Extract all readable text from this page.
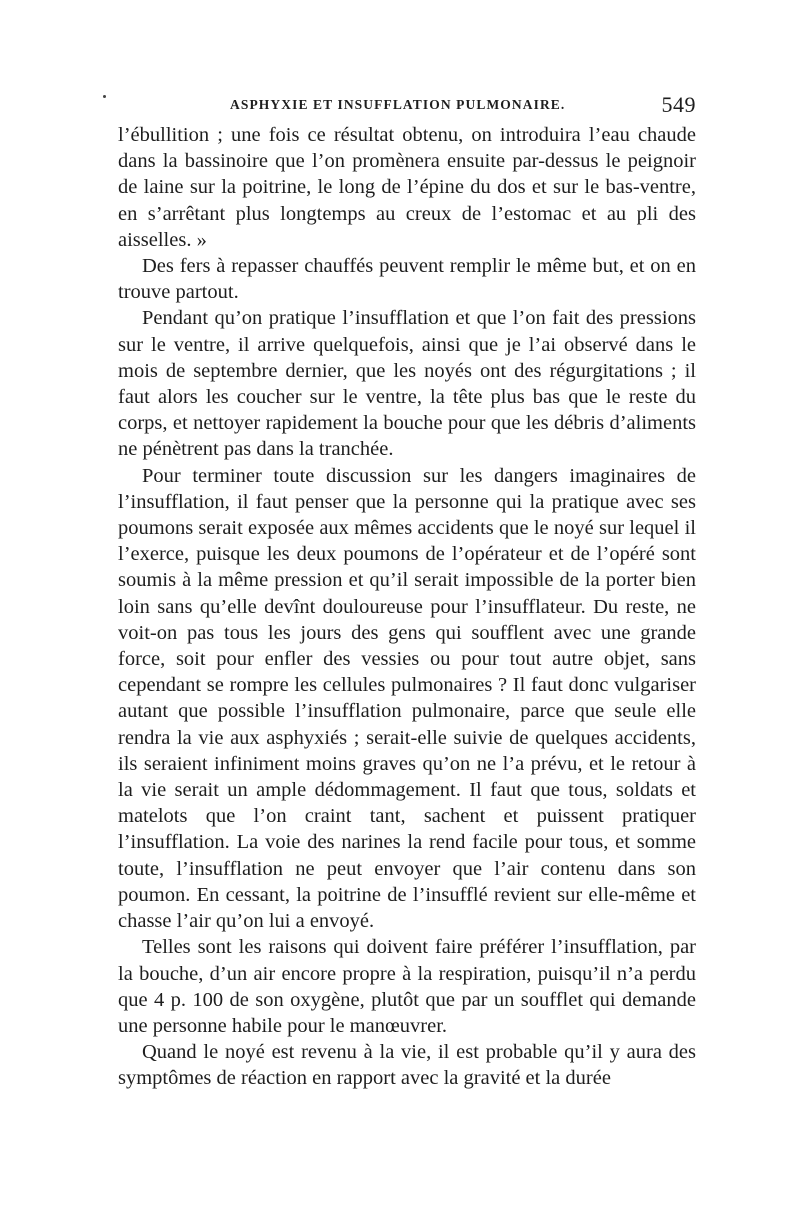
ASPHYXIE ET INSUFFLATION PULMONAIRE.	549

l’ébullition ; une fois ce résultat obtenu, on introduira l’eau chaude dans la bassinoire que l’on promènera ensuite par-dessus le peignoir de laine sur la poitrine, le long de l’épine du dos et sur le bas-ventre, en s’arrêtant plus longtemps au creux de l’estomac et au pli des aisselles. »

Des fers à repasser chauffés peuvent remplir le même but, et on en trouve partout.

Pendant qu’on pratique l’insufflation et que l’on fait des pressions sur le ventre, il arrive quelquefois, ainsi que je l’ai observé dans le mois de septembre dernier, que les noyés ont des régurgitations ; il faut alors les coucher sur le ventre, la tête plus bas que le reste du corps, et nettoyer rapidement la bouche pour que les débris d’aliments ne pénètrent pas dans la tranchée.

Pour terminer toute discussion sur les dangers imaginaires de l’insufflation, il faut penser que la personne qui la pratique avec ses poumons serait exposée aux mêmes accidents que le noyé sur lequel il l’exerce, puisque les deux poumons de l’opérateur et de l’opéré sont soumis à la même pression et qu’il serait impossible de la porter bien loin sans qu’elle devînt douloureuse pour l’insufflateur. Du reste, ne voit-on pas tous les jours des gens qui soufflent avec une grande force, soit pour enfler des vessies ou pour tout autre objet, sans cependant se rompre les cellules pulmonaires ? Il faut donc vulgariser autant que possible l’insufflation pulmonaire, parce que seule elle rendra la vie aux asphyxiés ; serait-elle suivie de quelques accidents, ils seraient infiniment moins graves qu’on ne l’a prévu, et le retour à la vie serait un ample dédommagement. Il faut que tous, soldats et matelots que l’on craint tant, sachent et puissent pratiquer l’insufflation. La voie des narines la rend facile pour tous, et somme toute, l’insufflation ne peut envoyer que l’air contenu dans son poumon. En cessant, la poitrine de l’insufflé revient sur elle-même et chasse l’air qu’on lui a envoyé.

Telles sont les raisons qui doivent faire préférer l’insufflation, par la bouche, d’un air encore propre à la respiration, puisqu’il n’a perdu que 4 p. 100 de son oxygène, plutôt que par un soufflet qui demande une personne habile pour le manœuvrer.

Quand le noyé est revenu à la vie, il est probable qu’il y aura des symptômes de réaction en rapport avec la gravité et la durée
